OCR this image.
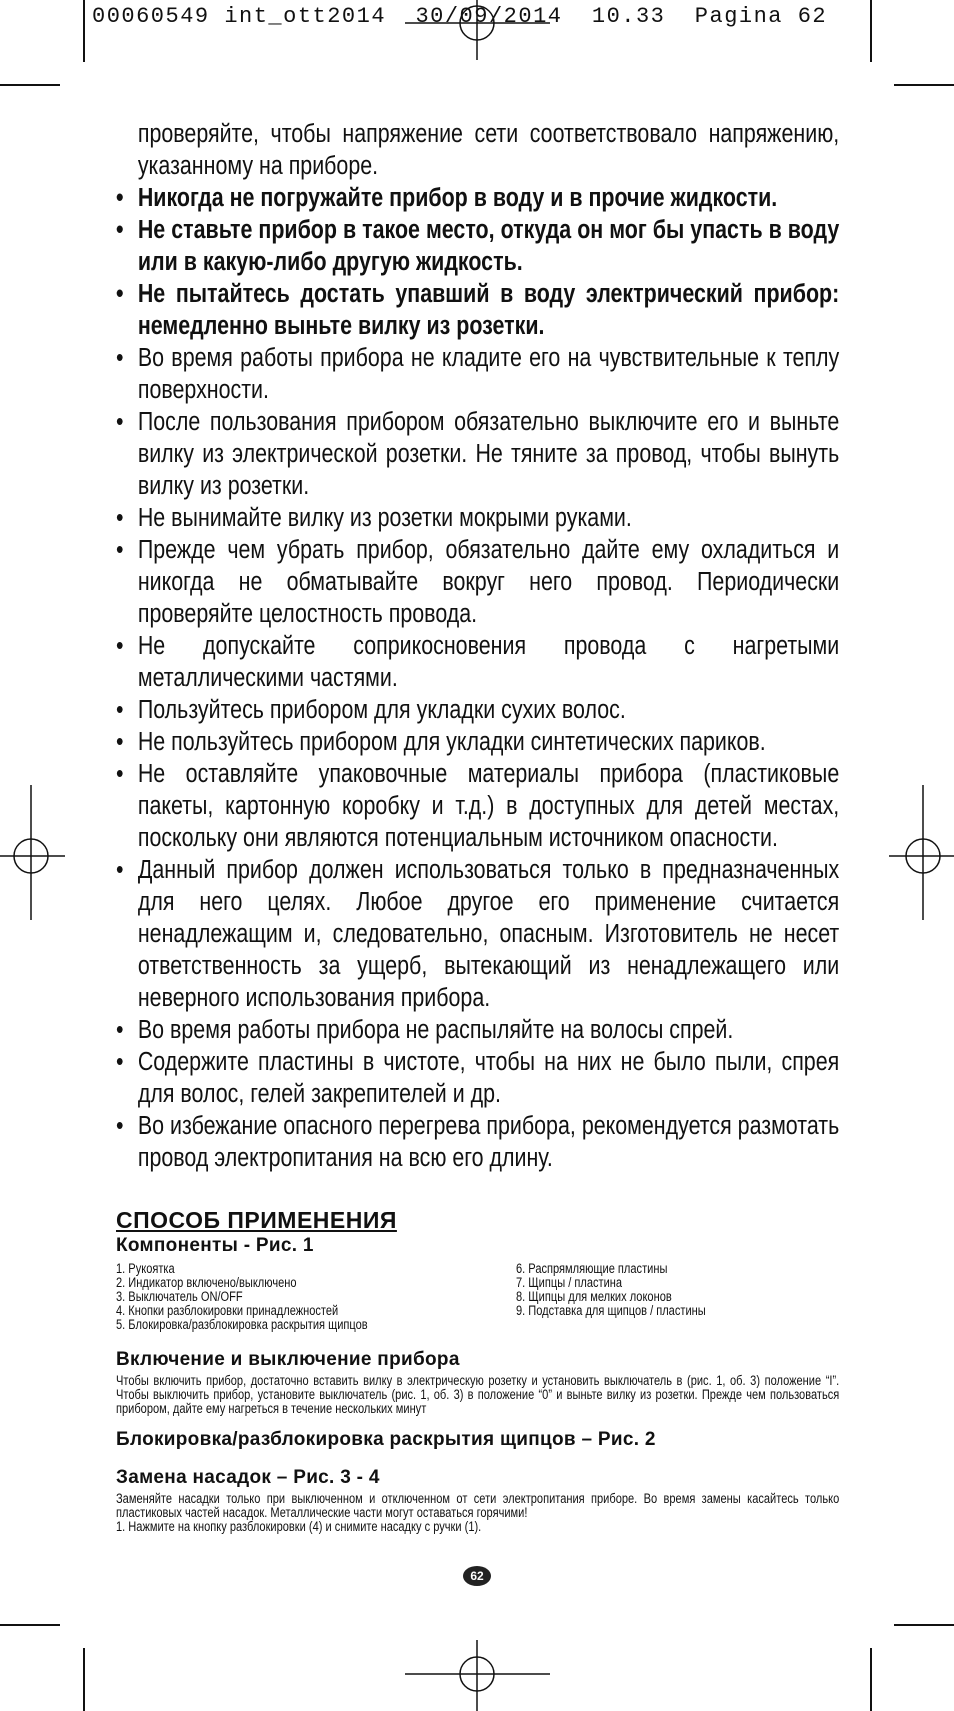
00060549 int_ott2014  30/09/2014  10.33  Pagina 62
проверяйте, чтобы напряжение сети соответствовало напряжению, указанному на приборе.
• Никогда не погружайте прибор в воду и в прочие жидкости.
• Не ставьте прибор в такое место, откуда он мог бы упасть в воду или в какую-либо другую жидкость.
• Не пытайтесь достать упавший в воду электрический прибор: немедленно выньте вилку из розетки.
• Во время работы прибора не кладите его на чувствительные к теплу поверхности.
• После пользования прибором обязательно выключите его и выньте вилку из электрической розетки. Не тяните за провод, чтобы вынуть вилку из розетки.
• Не вынимайте вилку из розетки мокрыми руками.
• Прежде чем убрать прибор, обязательно дайте ему охладиться и никогда не обматывайте вокруг него провод. Периодически проверяйте целостность провода.
• Не допускайте соприкосновения провода с нагретыми металлическими частями.
• Пользуйтесь прибором для укладки сухих волос.
• Не пользуйтесь прибором для укладки синтетических париков.
• Не оставляйте упаковочные материалы прибора (пластиковые пакеты, картонную коробку и т.д.) в доступных для детей местах, поскольку они являются потенциальным источником опасности.
• Данный прибор должен использоваться только в предназначенных для него целях. Любое другое его применение считается ненадлежащим и, следовательно, опасным. Изготовитель не несет ответственность за ущерб, вытекающий из ненадлежащего или неверного использования прибора.
• Во время работы прибора не распыляйте на волосы спрей.
• Содержите пластины в чистоте, чтобы на них не было пыли, спрея для волос, гелей закрепителей и др.
• Во избежание опасного перегрева прибора, рекомендуется размотать провод электропитания на всю его длину.
СПОСОБ ПРИМЕНЕНИЯ
Компоненты - Рис. 1
1. Рукоятка
2. Индикатор включено/выключено
3. Выключатель ON/OFF
4. Кнопки разблокировки принадлежностей
5. Блокировка/разблокировка раскрытия щипцов
6. Распрямляющие пластины
7. Щипцы / пластина
8. Щипцы для мелких локонов
9. Подставка для щипцов / пластины
Включение и выключение прибора
Чтобы включить прибор, достаточно вставить вилку в электрическую розетку и установить выключатель в (рис. 1, об. 3) положение “I”. Чтобы выключить прибор, установите выключатель (рис. 1, об. 3) в положение “0” и выньте вилку из розетки. Прежде чем пользоваться прибором, дайте ему нагреться в течение нескольких минут
Блокировка/разблокировка раскрытия щипцов – Рис. 2
Замена насадок – Рис. 3 - 4
Заменяйте насадки только при выключенном и отключенном от сети электропитания приборе. Во время замены касайтесь только пластиковых частей насадок. Металлические части могут оставаться горячими!
1. Нажмите на кнопку разблокировки (4) и снимите насадку с ручки (1).
62
